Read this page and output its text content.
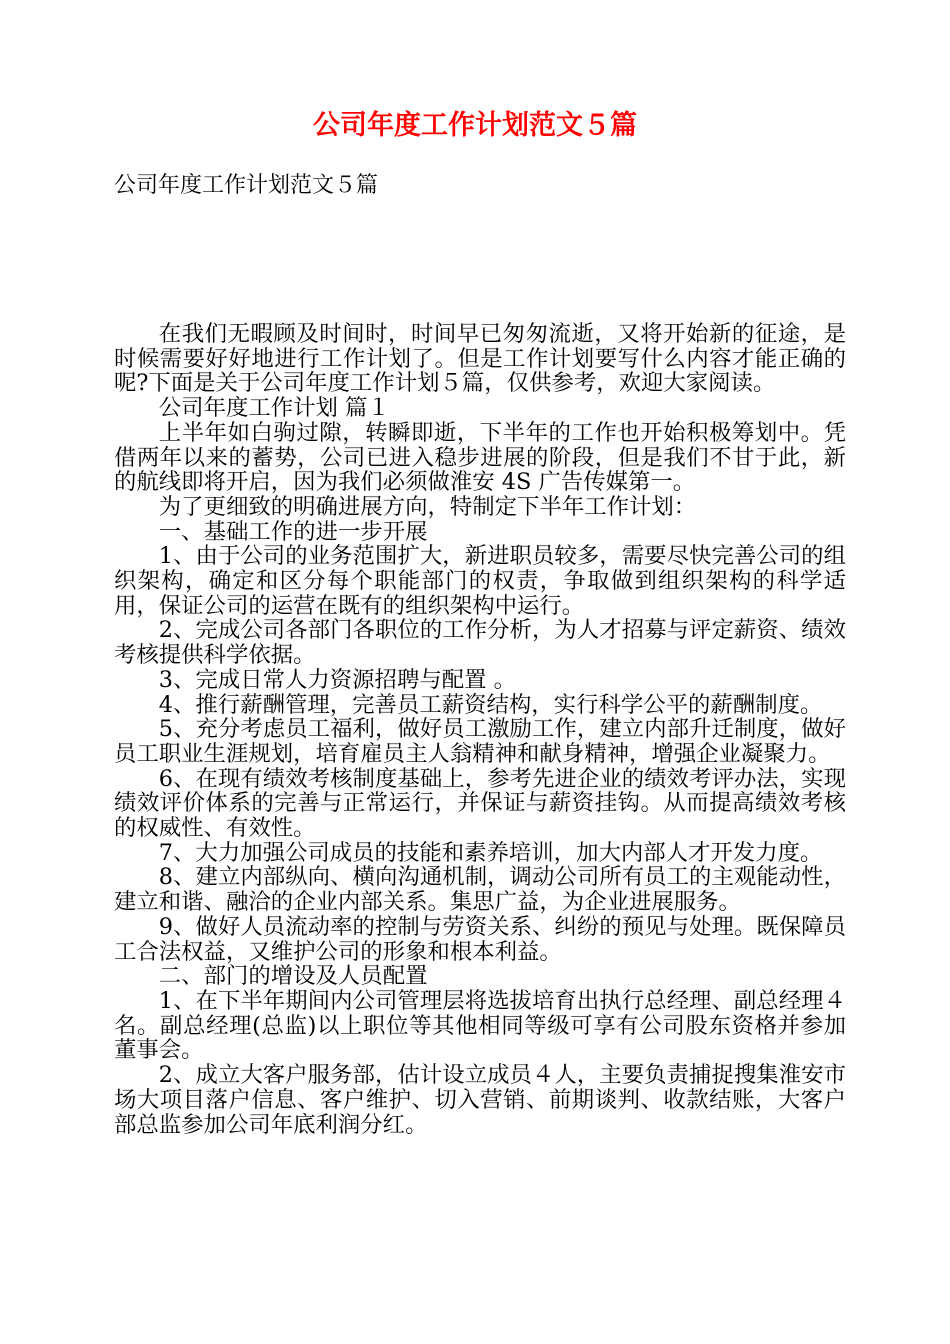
公司年度工作计划范文５篇
公司年度工作计划范文５篇

在我们无暇顾及时间时，时间早已匆匆流逝，又将开始新的征途，是时候需要好好地进行工作计划了。但是工作计划要写什么内容才能正确的呢?下面是关于公司年度工作计划５篇，仅供参考，欢迎大家阅读。

公司年度工作计划 篇１

上半年如白驹过隙，转瞬即逝，下半年的工作也开始积极筹划中。凭借两年以来的蓄势，公司已进入稳步进展的阶段，但是我们不甘于此，新的航线即将开启，因为我们必须做淮安 4S 广告传媒第一。

为了更细致的明确进展方向，特制定下半年工作计划：

一、基础工作的进一步开展

1、由于公司的业务范围扩大，新进职员较多，需要尽快完善公司的组织架构，确定和区分每个职能部门的权责，争取做到组织架构的科学适用，保证公司的运营在既有的组织架构中运行。

2、完成公司各部门各职位的工作分析，为人才招募与评定薪资、绩效考核提供科学依据。

3、完成日常人力资源招聘与配置 。

4、推行薪酬管理，完善员工薪资结构，实行科学公平的薪酬制度。

5、充分考虑员工福利，做好员工激励工作，建立内部升迁制度，做好员工职业生涯规划，培育雇员主人翁精神和献身精神，增强企业凝聚力。

6、在现有绩效考核制度基础上，参考先进企业的绩效考评办法，实现绩效评价体系的完善与正常运行，并保证与薪资挂钩。从而提高绩效考核的权威性、有效性。

7、大力加强公司成员的技能和素养培训，加大内部人才开发力度。

8、建立内部纵向、横向沟通机制，调动公司所有员工的主观能动性，建立和谐、融洽的企业内部关系。集思广益，为企业进展服务。

9、做好人员流动率的控制与劳资关系、纠纷的预见与处理。既保障员工合法权益，又维护公司的形象和根本利益。

二、部门的增设及人员配置

1、在下半年期间内公司管理层将选拔培育出执行总经理、副总经理４名。副总经理(总监)以上职位等其他相同等级可享有公司股东资格并参加董事会。

2、成立大客户服务部，估计设立成员４人，主要负责捕捉搜集淮安市场大项目落户信息、客户维护、切入营销、前期谈判、收款结账，大客户部总监参加公司年底利润分红。
